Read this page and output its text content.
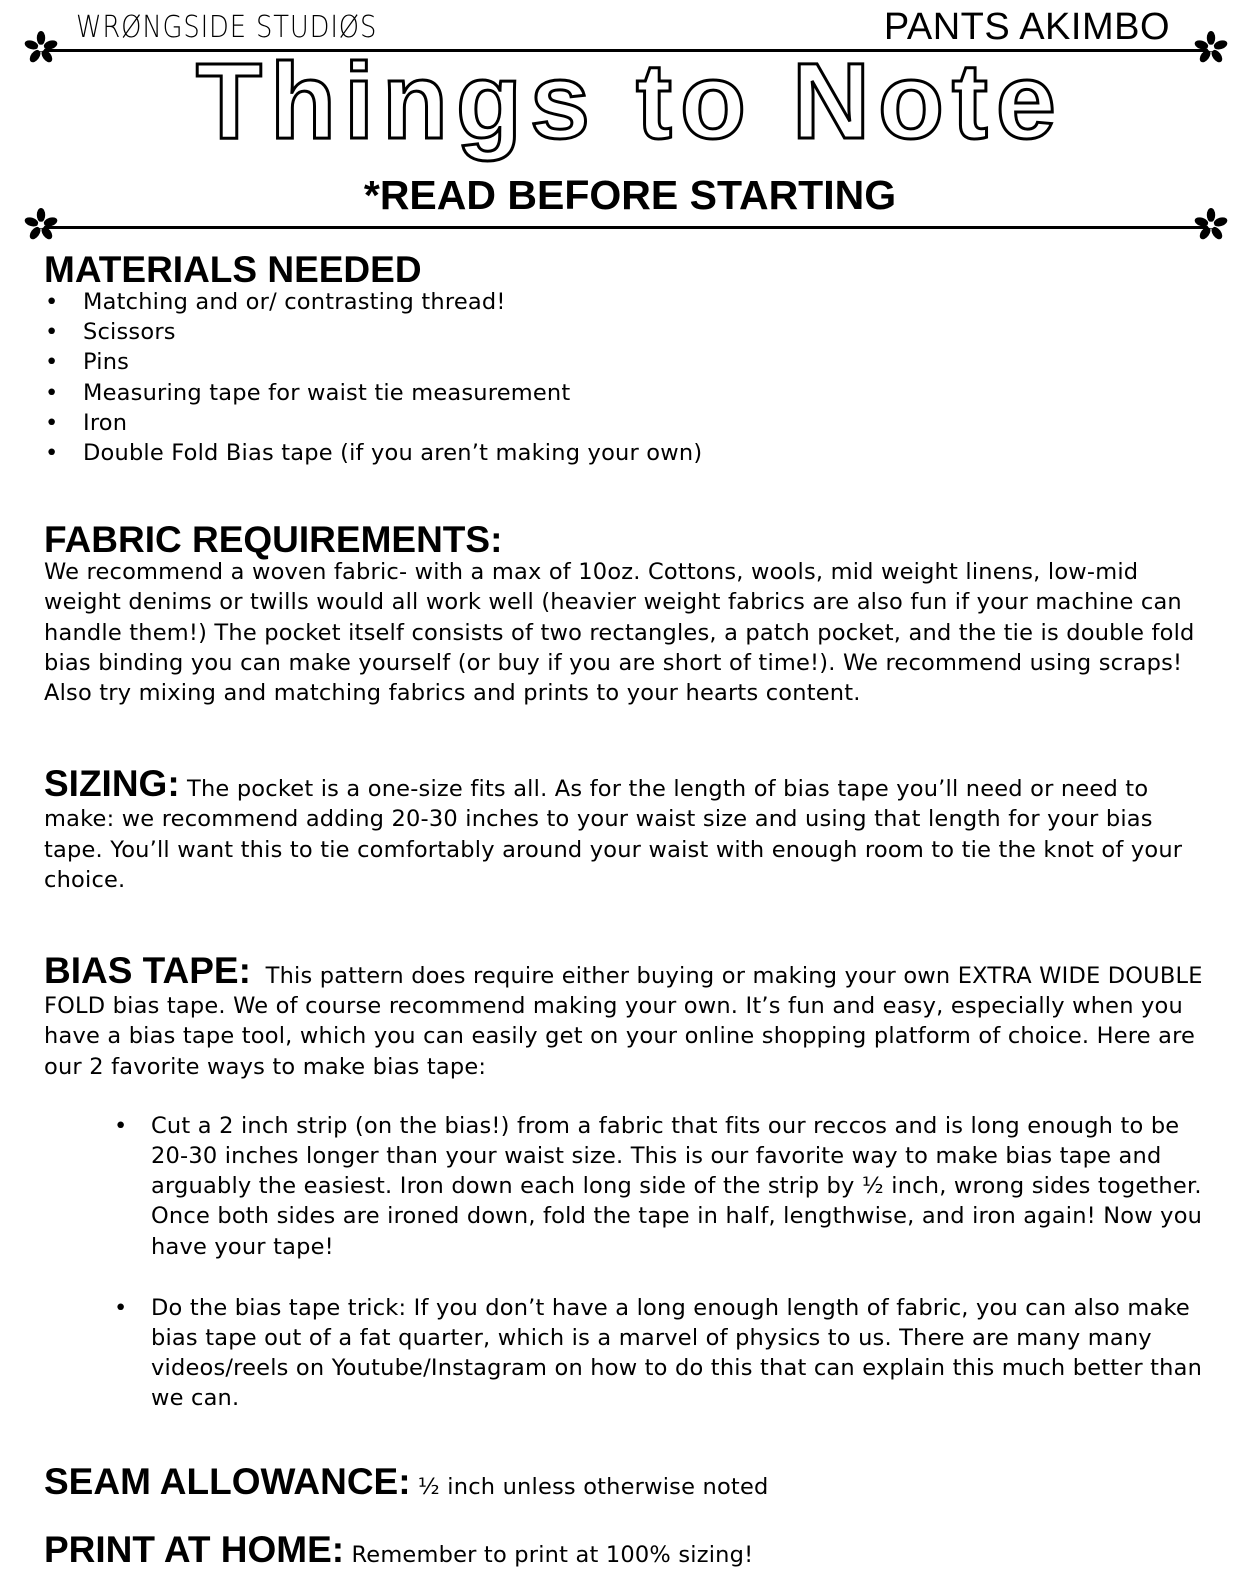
WRØNGSIDE STUDIØS	PANTS AKIMBO
Things to Note
*READ BEFORE STARTING
MATERIALS NEEDED
• Matching and or/ contrasting thread!
• Scissors
• Pins
• Measuring tape for waist tie measurement
• Iron
• Double Fold Bias tape (if you aren’t making your own)
FABRIC REQUIREMENTS:

We recommend a woven fabric- with a max of 10oz. Cottons, wools, mid weight linens, low-mid weight denims or twills would all work well (heavier weight fabrics are also fun if your machine can handle them!) The pocket itself consists of two rectangles, a patch pocket, and the tie is double fold bias binding you can make yourself (or buy if you are short of time!). We recommend using scraps! Also try mixing and matching fabrics and prints to your hearts content.

SIZING: The pocket is a one-size fits all. As for the length of bias tape you’ll need or need to make: we recommend adding 20-30 inches to your waist size and using that length for your bias tape. You’ll want this to tie comfortably around your waist with enough room to tie the knot of your choice.

BIAS TAPE: This pattern does require either buying or making your own EXTRA WIDE DOUBLE FOLD bias tape. We of course recommend making your own. It’s fun and easy, especially when you have a bias tape tool, which you can easily get on your online shopping platform of choice. Here are our 2 favorite ways to make bias tape:

• Cut a 2 inch strip (on the bias!) from a fabric that fits our reccos and is long enough to be 20-30 inches longer than your waist size. This is our favorite way to make bias tape and arguably the easiest. Iron down each long side of the strip by ½ inch, wrong sides together. Once both sides are ironed down, fold the tape in half, lengthwise, and iron again! Now you have your tape!
• Do the bias tape trick: If you don’t have a long enough length of fabric, you can also make bias tape out of a fat quarter, which is a marvel of physics to us. There are many many videos/reels on Youtube/Instagram on how to do this that can explain this much better than we can.

SEAM ALLOWANCE: ½ inch unless otherwise noted

PRINT AT HOME: Remember to print at 100% sizing!
